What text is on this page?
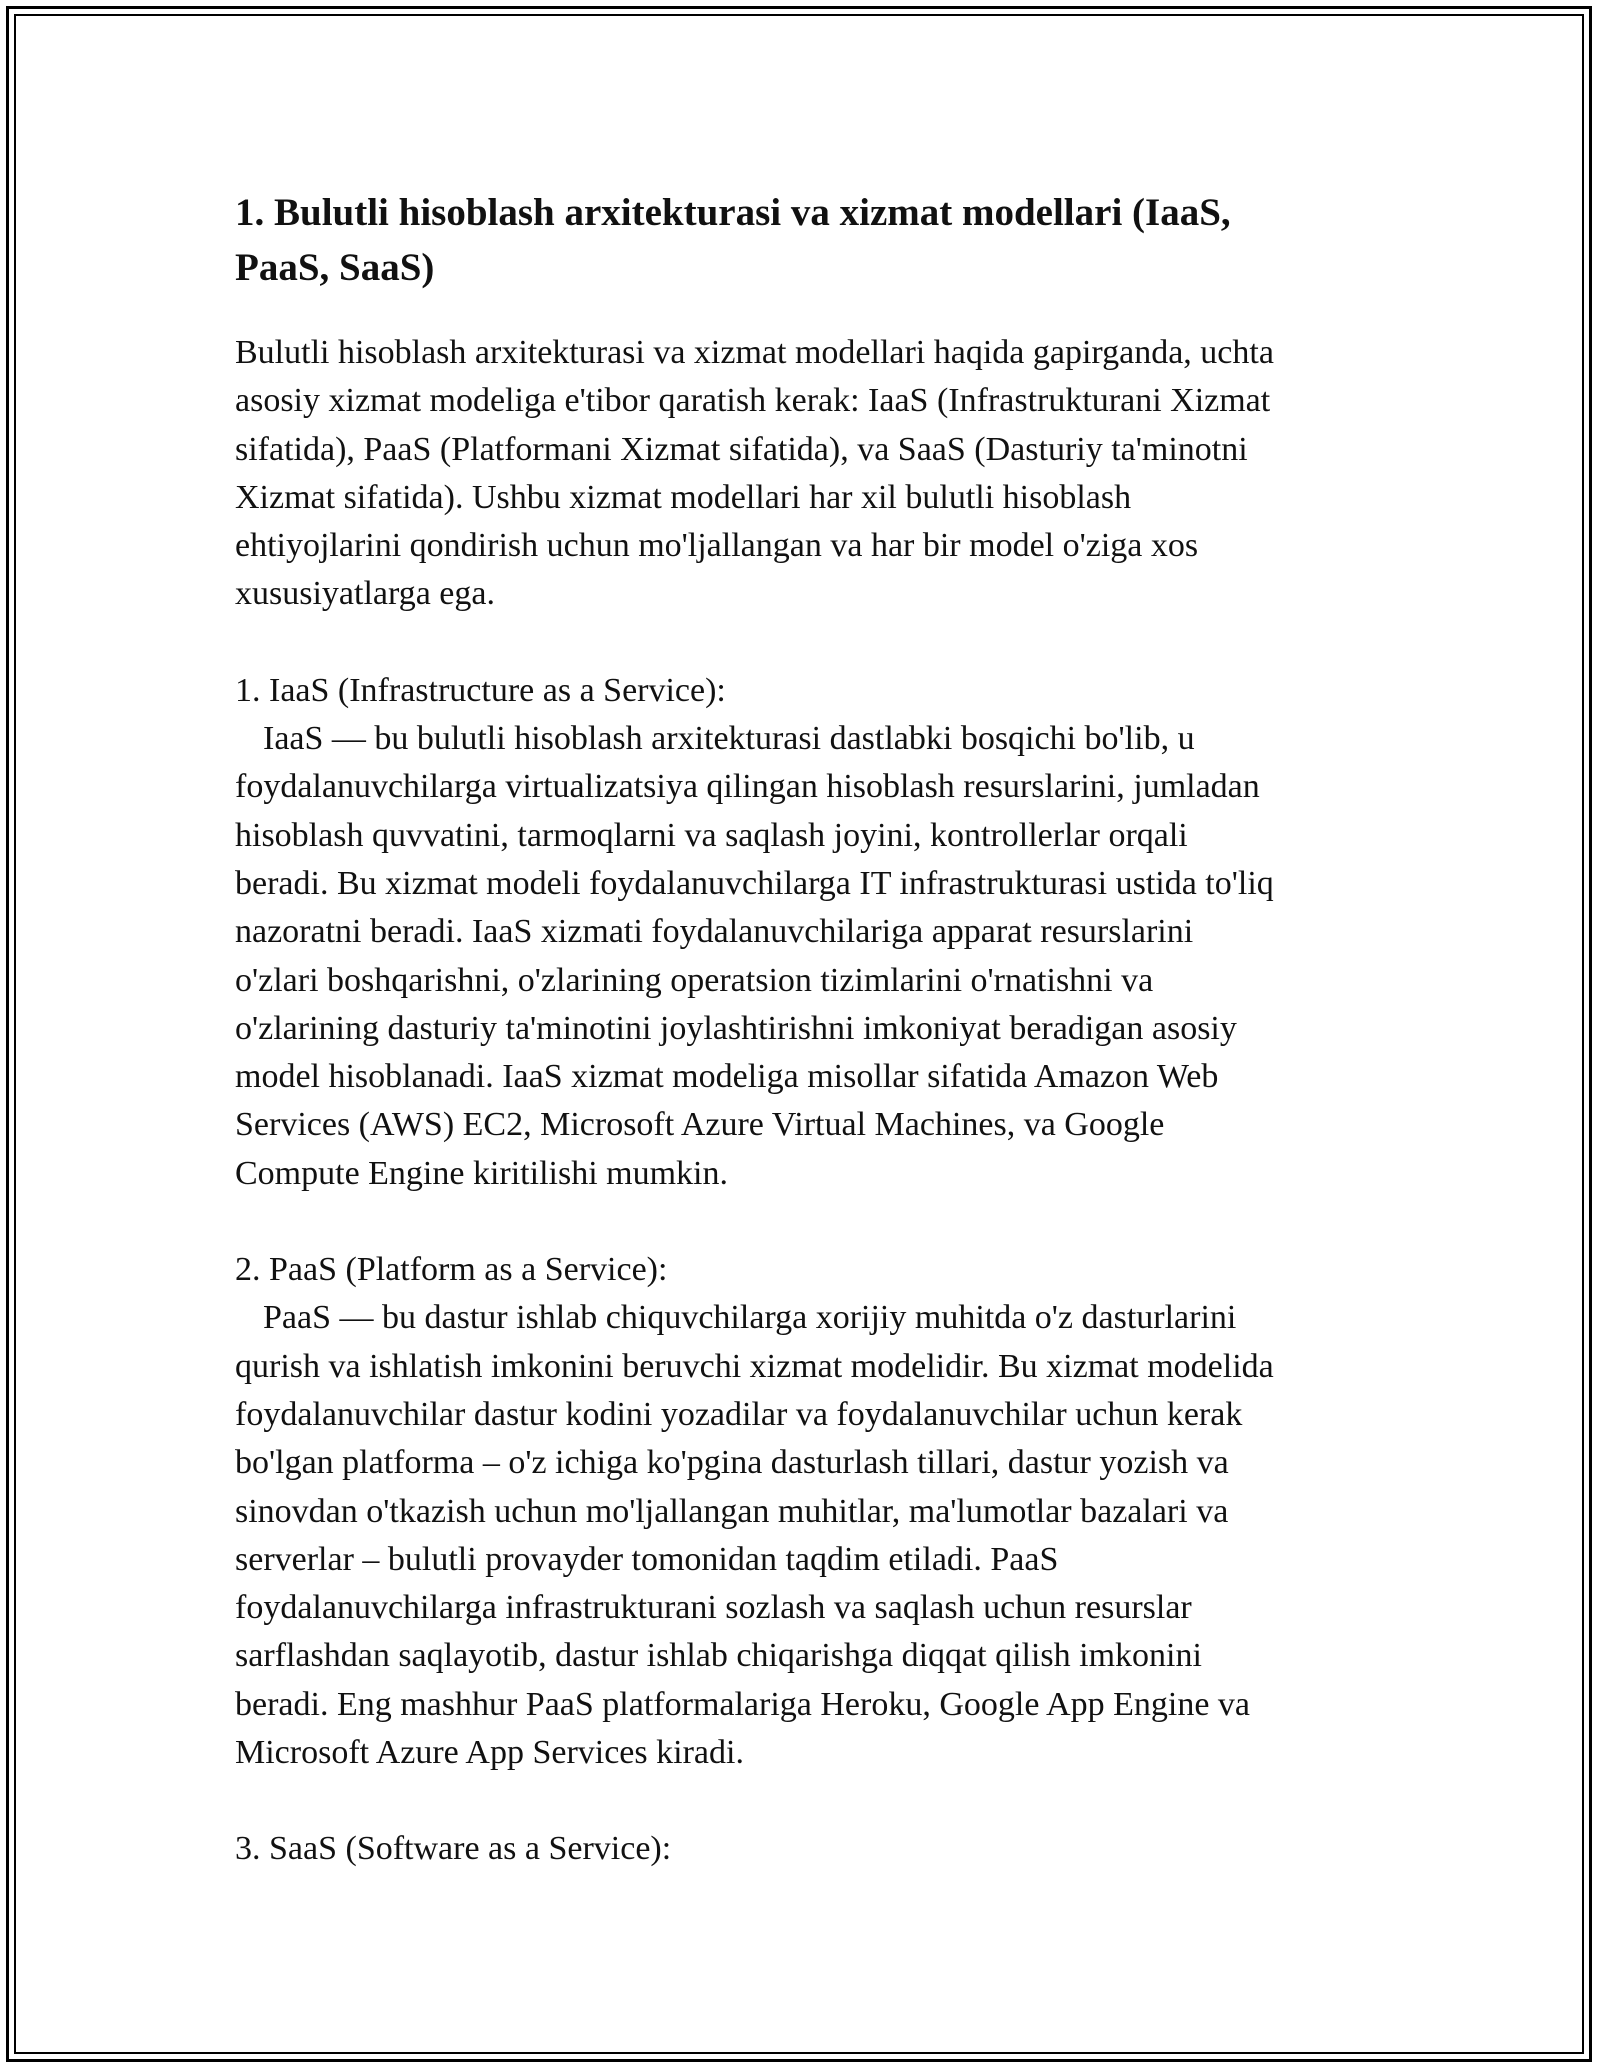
1. Bulutli hisoblash arxitekturasi va xizmat modellari (IaaS,
PaaS, SaaS)

Bulutli hisoblash arxitekturasi va xizmat modellari haqida gapirganda, uchta
asosiy xizmat modeliga e'tibor qaratish kerak: IaaS (Infrastrukturani Xizmat
sifatida), PaaS (Platformani Xizmat sifatida), va SaaS (Dasturiy ta'minotni
Xizmat sifatida). Ushbu xizmat modellari har xil bulutli hisoblash
ehtiyojlarini qondirish uchun mo'ljallangan va har bir model o'ziga xos
xususiyatlarga ega.

1. IaaS (Infrastructure as a Service):

IaaS — bu bulutli hisoblash arxitekturasi dastlabki bosqichi bo'lib, u
foydalanuvchilarga virtualizatsiya qilingan hisoblash resurslarini, jumladan
hisoblash quvvatini, tarmoqlarni va saqlash joyini, kontrollerlar orqali
beradi. Bu xizmat modeli foydalanuvchilarga IT infrastrukturasi ustida to'liq
nazoratni beradi. IaaS xizmati foydalanuvchilariga apparat resurslarini
o'zlari boshqarishni, o'zlarining operatsion tizimlarini o'rnatishni va
o'zlarining dasturiy ta'minotini joylashtirishni imkoniyat beradigan asosiy
model hisoblanadi. IaaS xizmat modeliga misollar sifatida Amazon Web
Services (AWS) EC2, Microsoft Azure Virtual Machines, va Google
Compute Engine kiritilishi mumkin.

2. PaaS (Platform as a Service):

PaaS — bu dastur ishlab chiquvchilarga xorijiy muhitda o'z dasturlarini
qurish va ishlatish imkonini beruvchi xizmat modelidir. Bu xizmat modelida
foydalanuvchilar dastur kodini yozadilar va foydalanuvchilar uchun kerak
bo'lgan platforma – o'z ichiga ko'pgina dasturlash tillari, dastur yozish va
sinovdan o'tkazish uchun mo'ljallangan muhitlar, ma'lumotlar bazalari va
serverlar – bulutli provayder tomonidan taqdim etiladi. PaaS
foydalanuvchilarga infrastrukturani sozlash va saqlash uchun resurslar
sarflashdan saqlayotib, dastur ishlab chiqarishga diqqat qilish imkonini
beradi. Eng mashhur PaaS platformalariga Heroku, Google App Engine va
Microsoft Azure App Services kiradi.

3. SaaS (Software as a Service):
